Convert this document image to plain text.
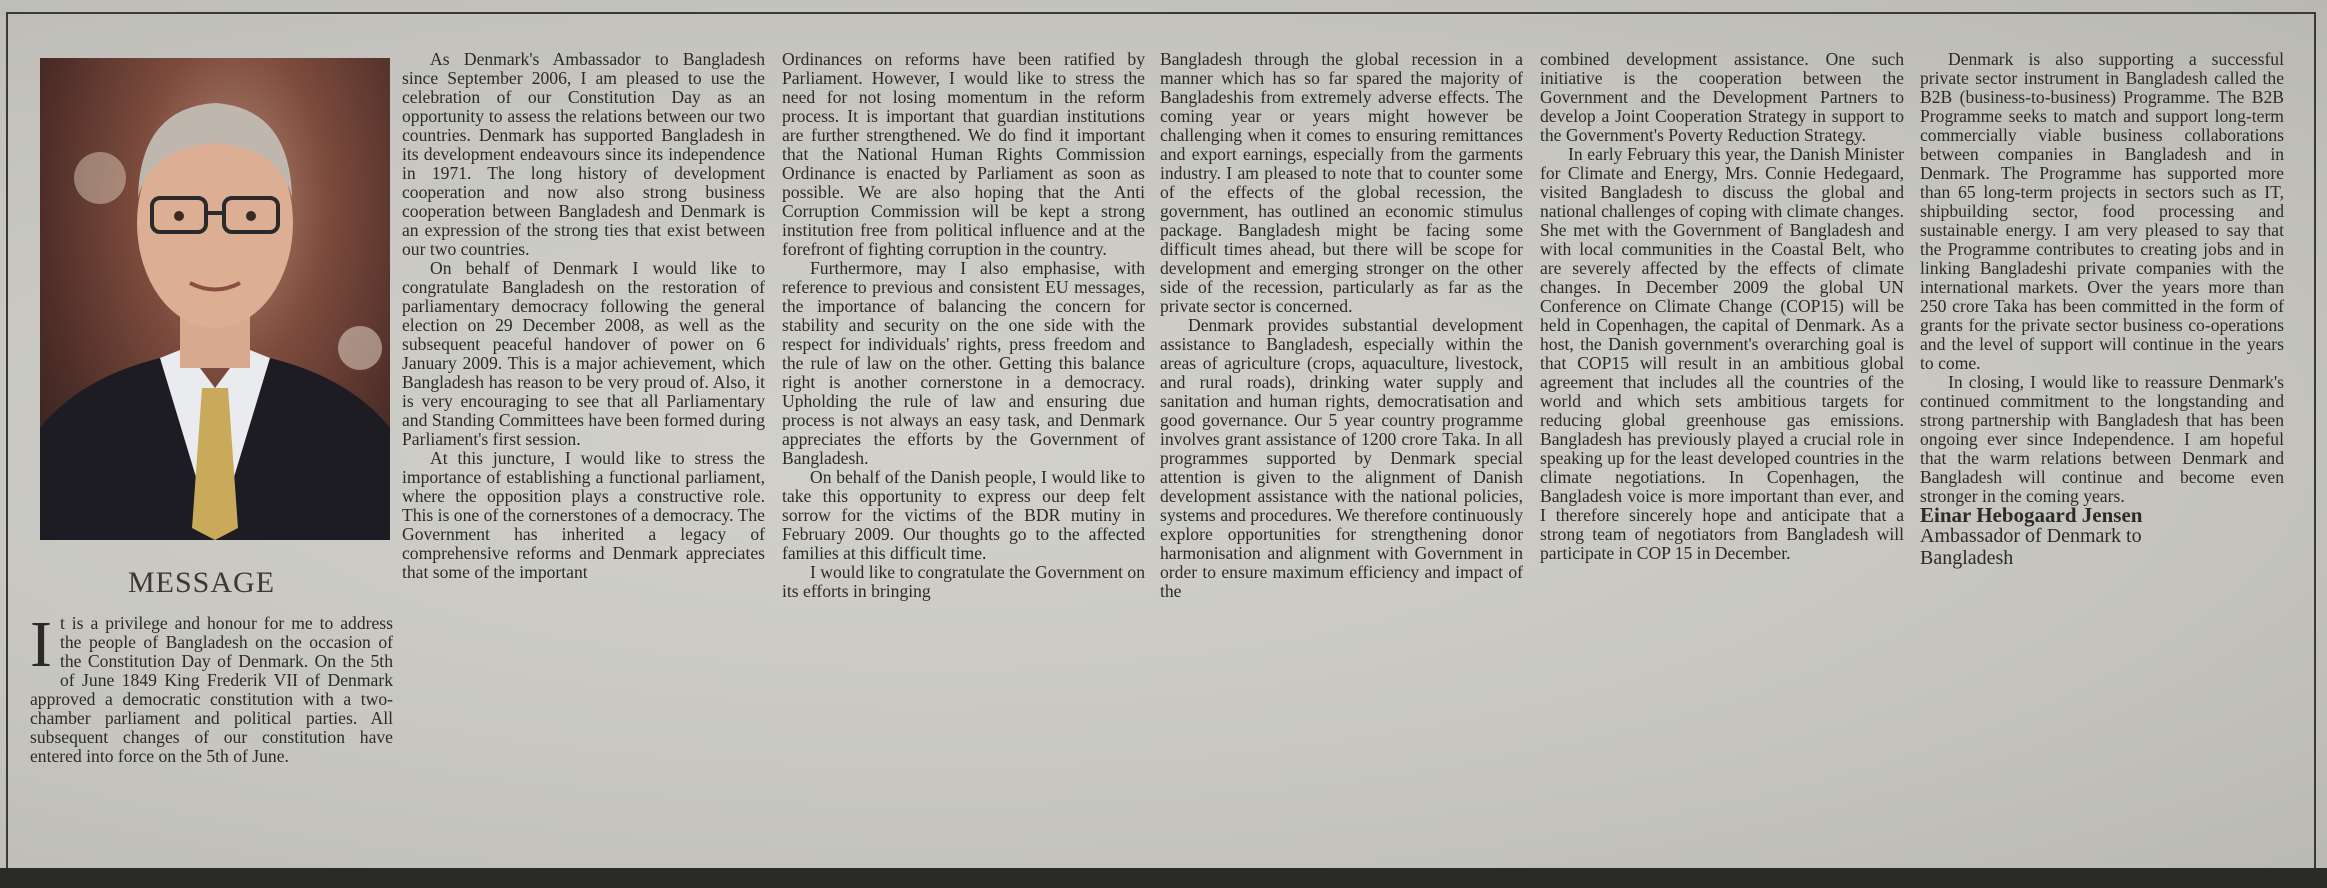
MESSAGE
I t is a privilege and honour for me to address the people of Bangladesh on the occasion of the Constitution Day of Denmark. On the 5th of June 1849 King Frederik VII of Denmark approved a democratic constitution with a two-chamber parliament and political parties. All subsequent changes of our constitution have entered into force on the 5th of June.

As Denmark's Ambassador to Bangladesh since September 2006, I am pleased to use the celebration of our Constitution Day as an opportunity to assess the relations between our two countries. Denmark has supported Bangladesh in its development endeavours since its independence in 1971. The long history of development cooperation and now also strong business cooperation between Bangladesh and Denmark is an expression of the strong ties that exist between our two countries.

On behalf of Denmark I would like to congratulate Bangladesh on the restoration of parliamentary democracy following the general election on 29 December 2008, as well as the subsequent peaceful handover of power on 6 January 2009. This is a major achievement, which Bangladesh has reason to be very proud of. Also, it is very encouraging to see that all Parliamentary and Standing Committees have been formed during Parliament's first session.

At this juncture, I would like to stress the importance of establishing a functional parliament, where the opposition plays a constructive role. This is one of the cornerstones of a democracy. The Government has inherited a legacy of comprehensive reforms and Denmark appreciates that some of the important

Ordinances on reforms have been ratified by Parliament. However, I would like to stress the need for not losing momentum in the reform process. It is important that guardian institutions are further strengthened. We do find it important that the National Human Rights Commission Ordinance is enacted by Parliament as soon as possible. We are also hoping that the Anti Corruption Commission will be kept a strong institution free from political influence and at the forefront of fighting corruption in the country.

Furthermore, may I also emphasise, with reference to previous and consistent EU messages, the importance of balancing the concern for stability and security on the one side with the respect for individuals' rights, press freedom and the rule of law on the other. Getting this balance right is another cornerstone in a democracy. Upholding the rule of law and ensuring due process is not always an easy task, and Denmark appreciates the efforts by the Government of Bangladesh.

On behalf of the Danish people, I would like to take this opportunity to express our deep felt sorrow for the victims of the BDR mutiny in February 2009. Our thoughts go to the affected families at this difficult time.

I would like to congratulate the Government on its efforts in bringing

Bangladesh through the global recession in a manner which has so far spared the majority of Bangladeshis from extremely adverse effects. The coming year or years might however be challenging when it comes to ensuring remittances and export earnings, especially from the garments industry. I am pleased to note that to counter some of the effects of the global recession, the government, has outlined an economic stimulus package. Bangladesh might be facing some difficult times ahead, but there will be scope for development and emerging stronger on the other side of the recession, particularly as far as the private sector is concerned.

Denmark provides substantial development assistance to Bangladesh, especially within the areas of agriculture (crops, aquaculture, livestock, and rural roads), drinking water supply and sanitation and human rights, democratisation and good governance. Our 5 year country programme involves grant assistance of 1200 crore Taka. In all programmes supported by Denmark special attention is given to the alignment of Danish development assistance with the national policies, systems and procedures. We therefore continuously explore opportunities for strengthening donor harmonisation and alignment with Government in order to ensure maximum efficiency and impact of the

combined development assistance. One such initiative is the cooperation between the Government and the Development Partners to develop a Joint Cooperation Strategy in support to the Government's Poverty Reduction Strategy.

In early February this year, the Danish Minister for Climate and Energy, Mrs. Connie Hedegaard, visited Bangladesh to discuss the global and national challenges of coping with climate changes. She met with the Government of Bangladesh and with local communities in the Coastal Belt, who are severely affected by the effects of climate changes. In December 2009 the global UN Conference on Climate Change (COP15) will be held in Copenhagen, the capital of Denmark. As a host, the Danish government's overarching goal is that COP15 will result in an ambitious global agreement that includes all the countries of the world and which sets ambitious targets for reducing global greenhouse gas emissions. Bangladesh has previously played a crucial role in speaking up for the least developed countries in the climate negotiations. In Copenhagen, the Bangladesh voice is more important than ever, and I therefore sincerely hope and anticipate that a strong team of negotiators from Bangladesh will participate in COP 15 in December.

Denmark is also supporting a successful private sector instrument in Bangladesh called the B2B (business-to-business) Programme. The B2B Programme seeks to match and support long-term commercially viable business collaborations between companies in Bangladesh and in Denmark. The Programme has supported more than 65 long-term projects in sectors such as IT, shipbuilding sector, food processing and sustainable energy. I am very pleased to say that the Programme contributes to creating jobs and in linking Bangladeshi private companies with the international markets. Over the years more than 250 crore Taka has been committed in the form of grants for the private sector business co-operations and the level of support will continue in the years to come.

In closing, I would like to reassure Denmark's continued commitment to the longstanding and strong partnership with Bangladesh that has been ongoing ever since Independence. I am hopeful that the warm relations between Denmark and Bangladesh will continue and become even stronger in the coming years.

Einar Hebogaard Jensen

Ambassador of Denmark to

Bangladesh
